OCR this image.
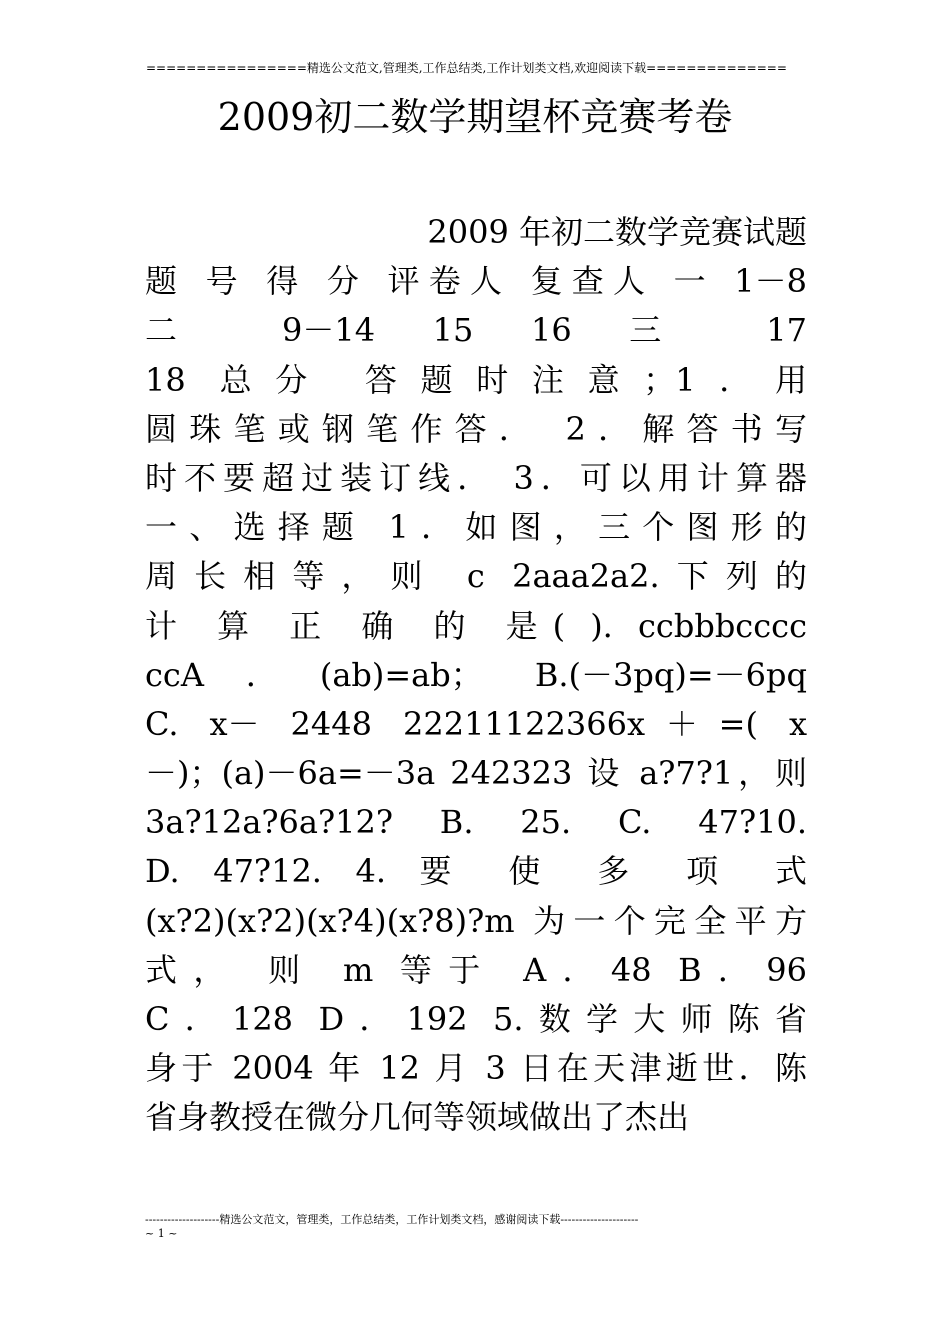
================精选公文范文,管理类,工作总结类,工作计划类文档,欢迎阅读下载==============
2009初二数学期望杯竞赛考卷
2009 年初二数学竞赛试题
题 号 得 分 评卷人 复查人 一 1－8
二 9－14 15 16 三 17
18 总分 答题时注意；1．用
圆珠笔或钢笔作答． 2．解答书写
时不要超过装订线． 3．可以用计算器
一、选择题 1．如图，三个图形的
周长相等，则 c 2aaa2a2.下列的
计 算 正 确 的 是( ). ccbbbcccc
ccA．(ab)=ab； B.(－3pq)=－6pq
C. x－ 2448 22211122366x＋=( x
－)；(a)－6a=－3a 242323 设 a?7?1，则
3a?12a?6a?12? B. 25. C. 47?10.
D. 47?12. 4. 要 使 多 项 式
(x?2)(x?2)(x?4)(x?8)?m 为一个完全平方
式， 则 m 等于 A．48 B．96
C．128 D．192 5.数学大师陈省
身于 2004 年 12 月 3 日在天津逝世．陈
省身教授在微分几何等领域做出了杰出
--------------------精选公文范文，管理类，工作总结类，工作计划类文档，感谢阅读下载---------------------
~ 1 ~
